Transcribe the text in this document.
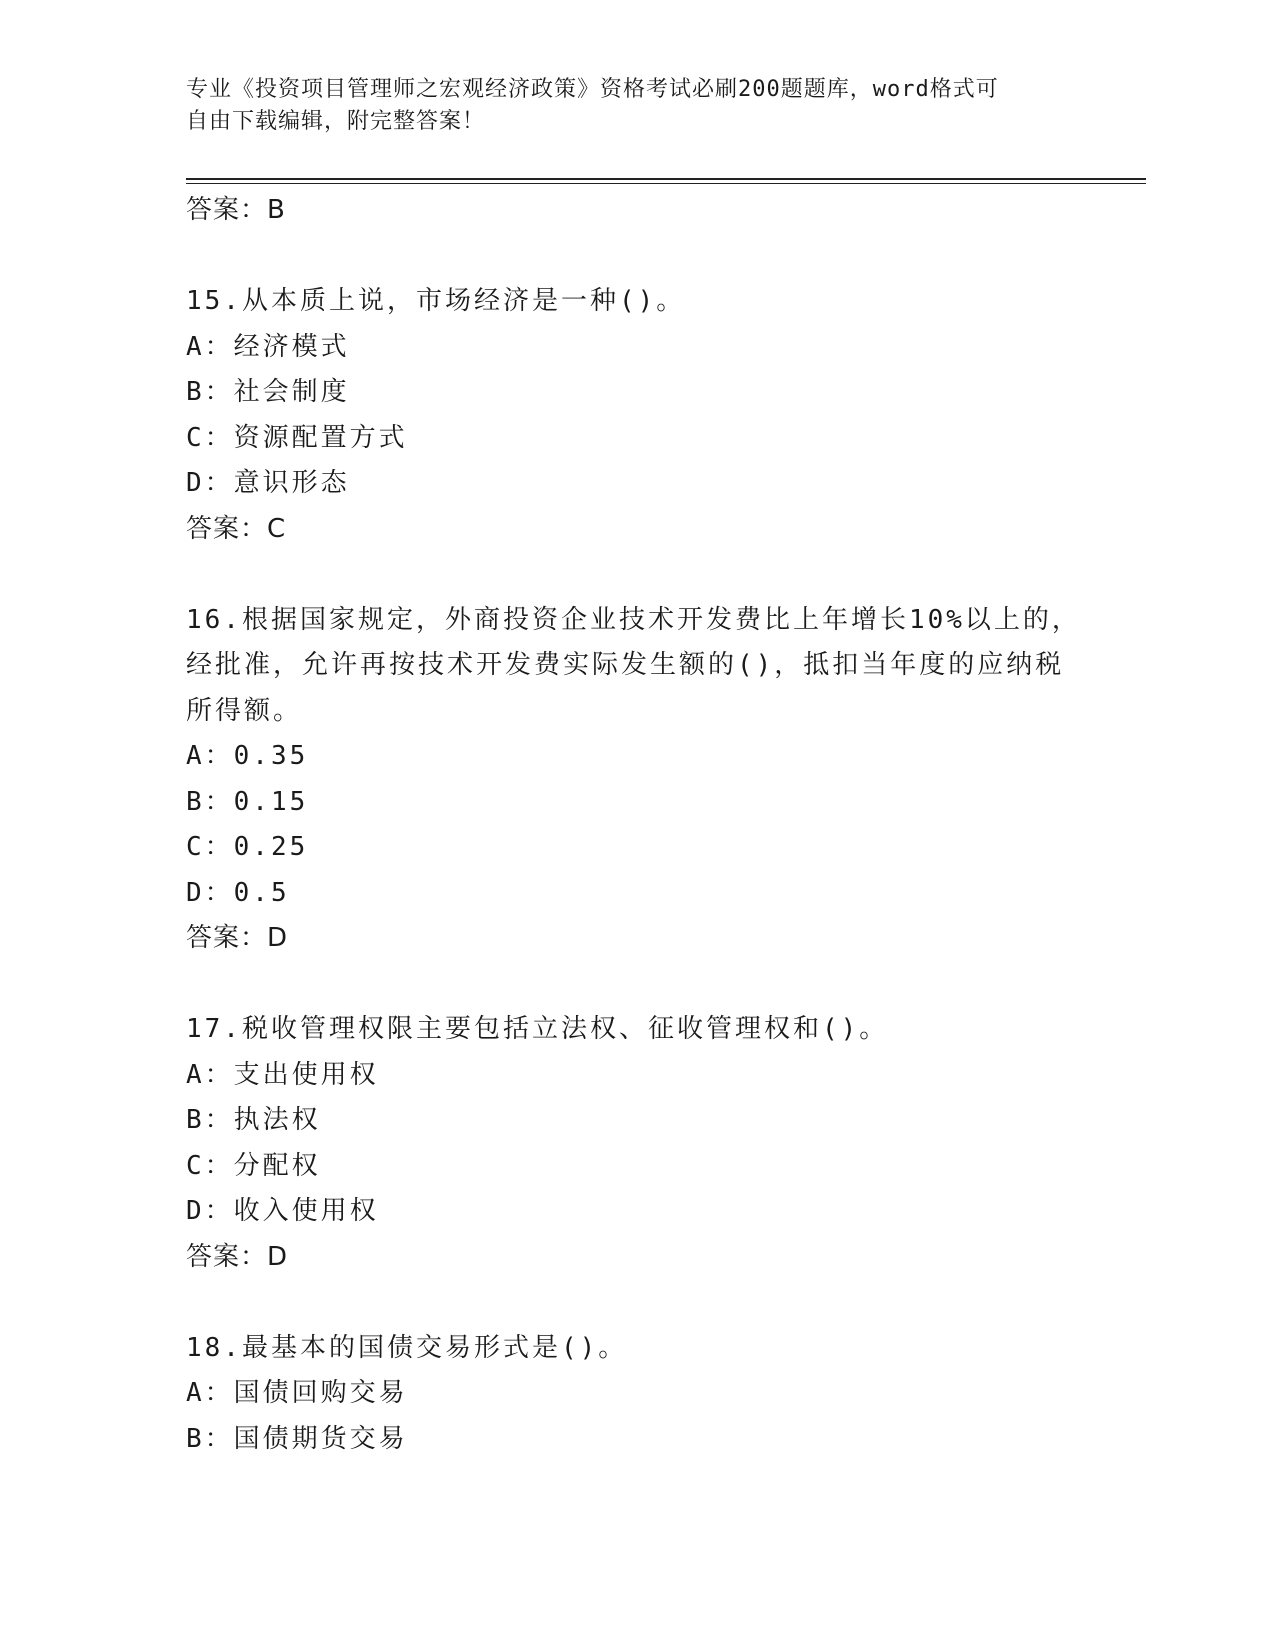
专业《投资项目管理师之宏观经济政策》资格考试必刷200题题库，word格式可
自由下载编辑，附完整答案！
答案：B
15.从本质上说，市场经济是一种()。
A：经济模式
B：社会制度
C：资源配置方式
D：意识形态
答案：C
16.根据国家规定，外商投资企业技术开发费比上年增长10%以上的，
经批准，允许再按技术开发费实际发生额的()，抵扣当年度的应纳税
所得额。
A：0.35
B：0.15
C：0.25
D：0.5
答案：D
17.税收管理权限主要包括立法权、征收管理权和()。
A：支出使用权
B：执法权
C：分配权
D：收入使用权
答案：D
18.最基本的国债交易形式是()。
A：国债回购交易
B：国债期货交易
